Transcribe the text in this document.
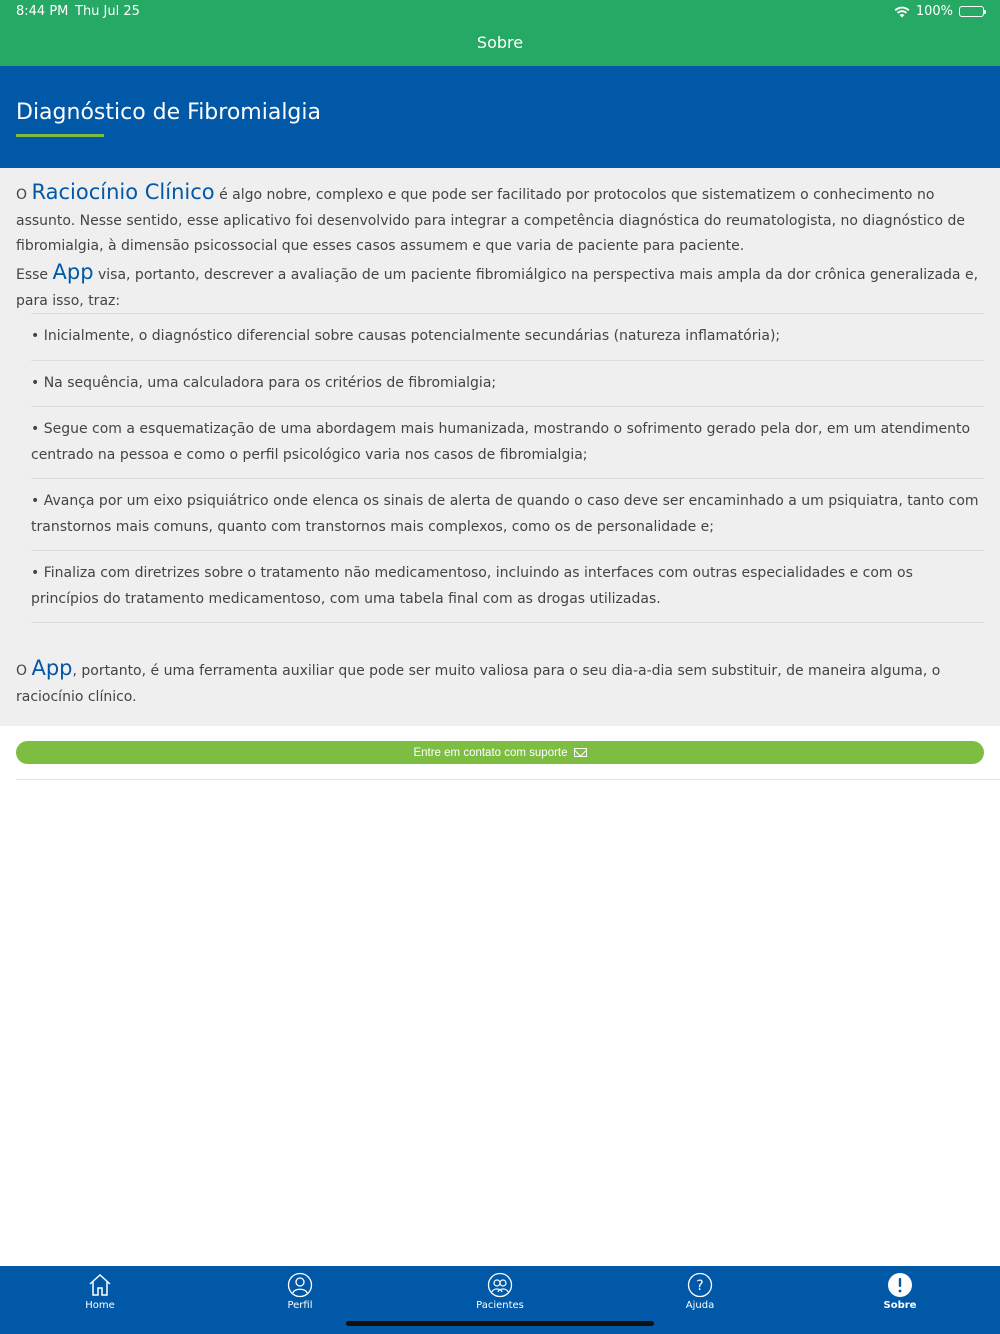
8:44 PM Thu Jul 25	100%
Sobre
Diagnóstico de Fibromialgia

O Raciocínio Clínico é algo nobre, complexo e que pode ser facilitado por protocolos que sistematizem o conhecimento no assunto. Nesse sentido, esse aplicativo foi desenvolvido para integrar a competência diagnóstica do reumatologista, no diagnóstico de fibromialgia, à dimensão psicossocial que esses casos assumem e que varia de paciente para paciente.

Esse App visa, portanto, descrever a avaliação de um paciente fibromiálgico na perspectiva mais ampla da dor crônica generalizada e, para isso, traz:

• Inicialmente, o diagnóstico diferencial sobre causas potencialmente secundárias (natureza inflamatória);
• Na sequência, uma calculadora para os critérios de fibromialgia;
• Segue com a esquematização de uma abordagem mais humanizada, mostrando o sofrimento gerado pela dor, em um atendimento centrado na pessoa e como o perfil psicológico varia nos casos de fibromialgia;
• Avança por um eixo psiquiátrico onde elenca os sinais de alerta de quando o caso deve ser encaminhado a um psiquiatra, tanto com transtornos mais comuns, quanto com transtornos mais complexos, como os de personalidade e;
• Finaliza com diretrizes sobre o tratamento não medicamentoso, incluindo as interfaces com outras especialidades e com os princípios do tratamento medicamentoso, com uma tabela final com as drogas utilizadas.

O App, portanto, é uma ferramenta auxiliar que pode ser muito valiosa para o seu dia-a-dia sem substituir, de maneira alguma, o raciocínio clínico.

Entre em contato com suporte
Home	Perfil	Pacientes
?
Ajuda	Sobre
